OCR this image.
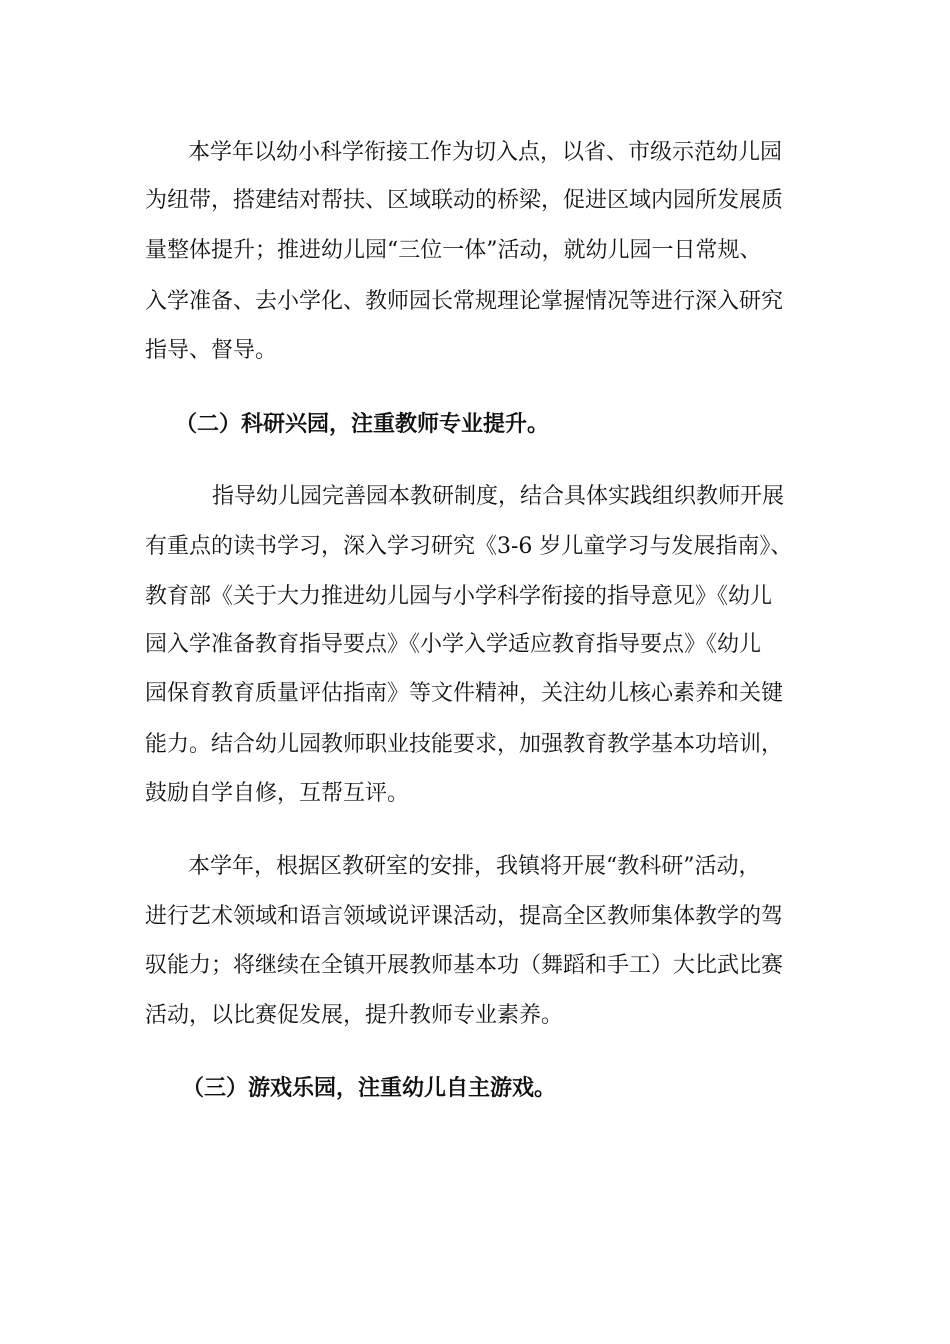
本学年以幼小科学衔接工作为切入点，以省、市级示范幼儿园
为纽带，搭建结对帮扶、区域联动的桥梁，促进区域内园所发展质
量整体提升；推进幼儿园“三位一体”活动，就幼儿园一日常规、
入学准备、去小学化、教师园长常规理论掌握情况等进行深入研究
指导、督导。
（二）科研兴园，注重教师专业提升。
指导幼儿园完善园本教研制度，结合具体实践组织教师开展
有重点的读书学习，深入学习研究《3-6 岁儿童学习与发展指南》、
教育部《关于大力推进幼儿园与小学科学衔接的指导意见》《幼儿
园入学准备教育指导要点》《小学入学适应教育指导要点》《幼儿
园保育教育质量评估指南》等文件精神，关注幼儿核心素养和关键
能力。结合幼儿园教师职业技能要求，加强教育教学基本功培训，
鼓励自学自修，互帮互评。
本学年，根据区教研室的安排，我镇将开展“教科研”活动，
进行艺术领域和语言领域说评课活动，提高全区教师集体教学的驾
驭能力；将继续在全镇开展教师基本功（舞蹈和手工）大比武比赛
活动，以比赛促发展，提升教师专业素养。
（三）游戏乐园，注重幼儿自主游戏。
